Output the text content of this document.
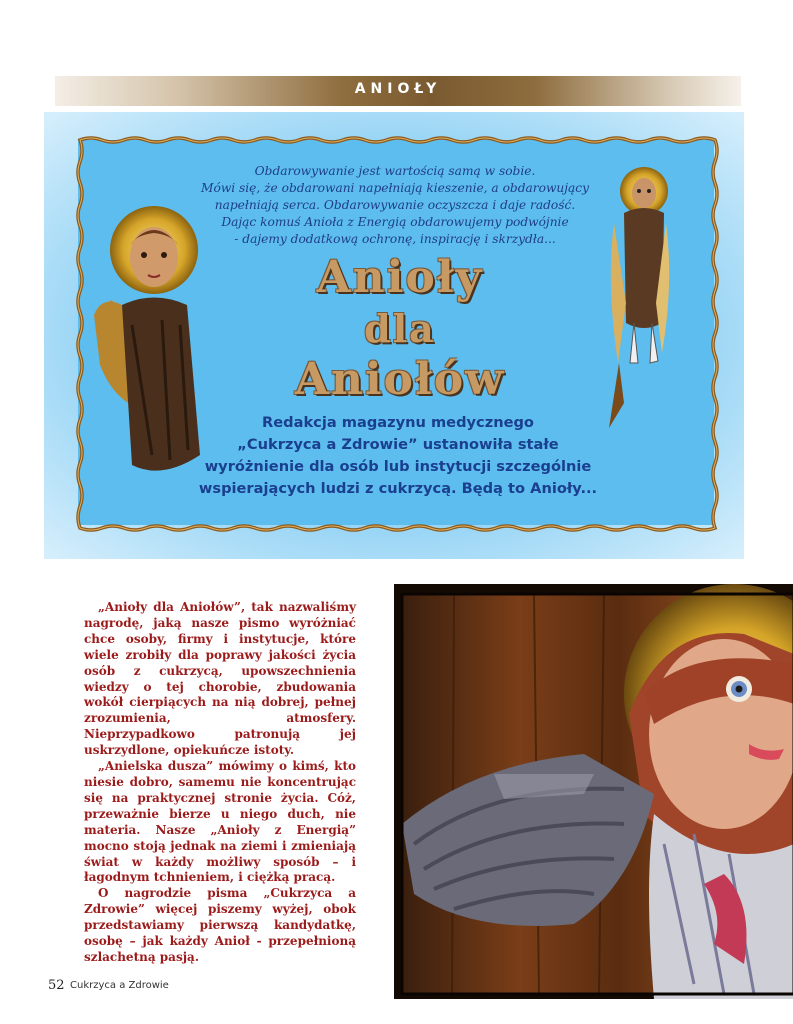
ANIOŁY
Obdarowywanie jest wartością samą w sobie.
Mówi się, że obdarowani napełniają kieszenie, a obdarowujący
napełniają serca. Obdarowywanie oczyszcza i daje radość.
Dając komuś Anioła z Energią obdarowujemy podwójnie
- dajemy dodatkową ochronę, inspirację i skrzydła...
Anioły
dla
Aniołów
Redakcja magazynu medycznego
„Cukrzyca a Zdrowie” ustanowiła stałe
wyróżnienie dla osób lub instytucji szczególnie
wspierających ludzi z cukrzycą. Będą to Anioły...

„Anioły dla Aniołów”, tak nazwaliśmy nagrodę, jaką nasze pismo wyróżniać chce osoby, firmy i instytucje, które wiele zrobiły dla poprawy jakości życia osób z cukrzycą, upowszechnienia wiedzy o tej chorobie, zbudowania wokół cierpiących na nią dobrej, pełnej zrozumienia, atmosfery. Nieprzypadkowo patronują jej uskrzydlone, opiekuńcze istoty.

„Anielska dusza” mówimy o kimś, kto niesie dobro, samemu nie koncentrując się na praktycznej stronie życia. Cóż, przeważnie bierze u niego duch, nie materia. Nasze „Anioły z Energią” mocno stoją jednak na ziemi i zmieniają świat w każdy możliwy sposób – i łagodnym tchnieniem, i ciężką pracą.

O nagrodzie pisma „Cukrzyca a Zdrowie” więcej piszemy wyżej, obok przedstawiamy pierwszą kandydatkę, osobę – jak każdy Anioł - przepełnioną szlachetną pasją.

52 Cukrzyca a Zdrowie
